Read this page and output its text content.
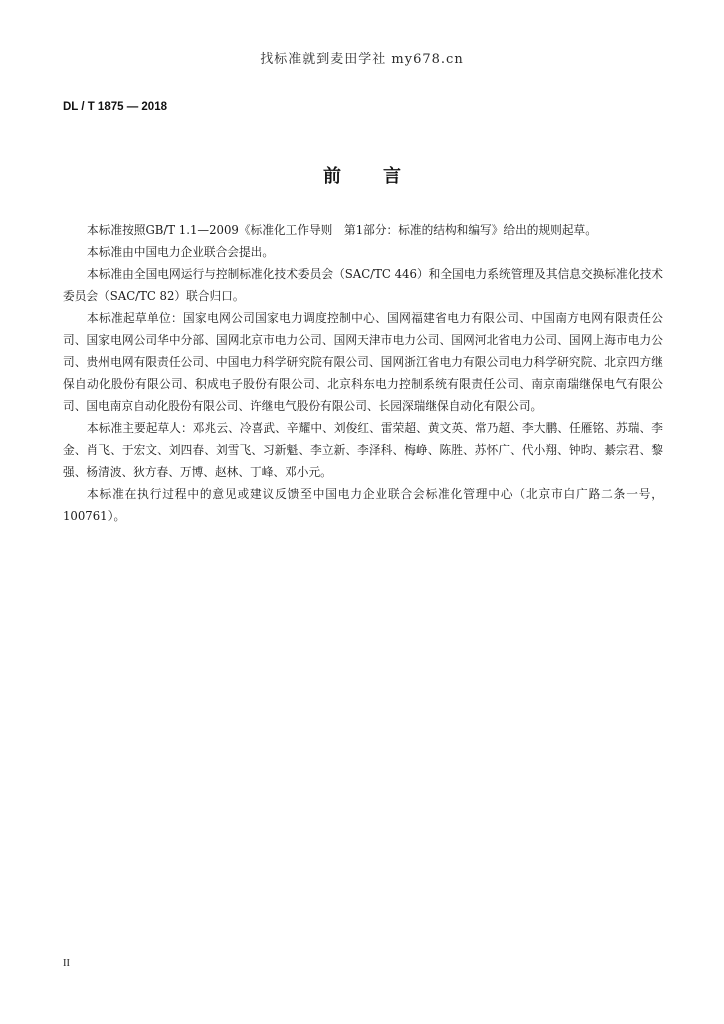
找标准就到麦田学社 my678.cn
DL / T 1875 — 2018
前言

本标准按照GB/T 1.1—2009《标准化工作导则　第1部分：标准的结构和编写》给出的规则起草。

本标准由中国电力企业联合会提出。

本标准由全国电网运行与控制标准化技术委员会（SAC/TC 446）和全国电力系统管理及其信息交换标准化技术委员会（SAC/TC 82）联合归口。

本标准起草单位：国家电网公司国家电力调度控制中心、国网福建省电力有限公司、中国南方电网有限责任公司、国家电网公司华中分部、国网北京市电力公司、国网天津市电力公司、国网河北省电力公司、国网上海市电力公司、贵州电网有限责任公司、中国电力科学研究院有限公司、国网浙江省电力有限公司电力科学研究院、北京四方继保自动化股份有限公司、积成电子股份有限公司、北京科东电力控制系统有限责任公司、南京南瑞继保电气有限公司、国电南京自动化股份有限公司、许继电气股份有限公司、长园深瑞继保自动化有限公司。

本标准主要起草人：邓兆云、冷喜武、辛耀中、刘俊红、雷荣超、黄文英、常乃超、李大鹏、任雁铭、苏瑞、李金、肖飞、于宏文、刘四春、刘雪飞、习新魁、李立新、李泽科、梅峥、陈胜、苏怀广、代小翔、钟昀、綦宗君、黎强、杨清波、狄方春、万博、赵林、丁峰、邓小元。

本标准在执行过程中的意见或建议反馈至中国电力企业联合会标准化管理中心（北京市白广路二条一号，100761）。

II
